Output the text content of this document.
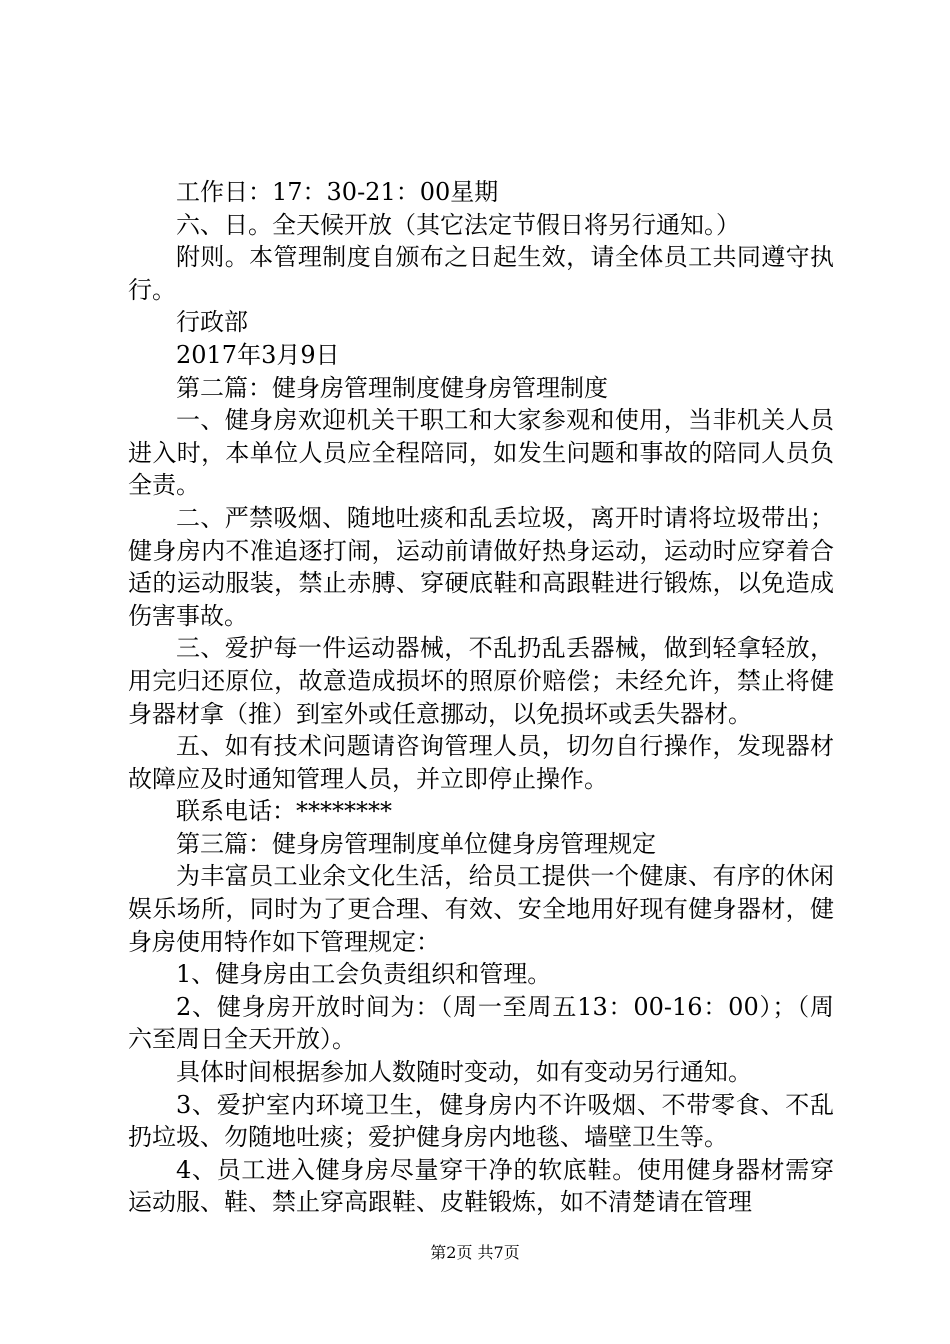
工作日：17：30-21：00星期

六、日。全天候开放（其它法定节假日将另行通知。）

附则。本管理制度自颁布之日起生效，请全体员工共同遵守执行。

行政部

2017年3月9日

第二篇：健身房管理制度健身房管理制度

一、健身房欢迎机关干职工和大家参观和使用，当非机关人员进入时，本单位人员应全程陪同，如发生问题和事故的陪同人员负全责。

二、严禁吸烟、随地吐痰和乱丢垃圾，离开时请将垃圾带出；健身房内不准追逐打闹，运动前请做好热身运动，运动时应穿着合适的运动服装，禁止赤膊、穿硬底鞋和高跟鞋进行锻炼，以免造成伤害事故。

三、爱护每一件运动器械，不乱扔乱丢器械，做到轻拿轻放，用完归还原位，故意造成损坏的照原价赔偿；未经允许，禁止将健身器材拿（推）到室外或任意挪动，以免损坏或丢失器材。

五、如有技术问题请咨询管理人员，切勿自行操作，发现器材故障应及时通知管理人员，并立即停止操作。

联系电话：********

第三篇：健身房管理制度单位健身房管理规定

为丰富员工业余文化生活，给员工提供一个健康、有序的休闲娱乐场所，同时为了更合理、有效、安全地用好现有健身器材，健身房使用特作如下管理规定：

1、健身房由工会负责组织和管理。

2、健身房开放时间为：（周一至周五13：00-16：00）；（周六至周日全天开放）。

具体时间根据参加人数随时变动，如有变动另行通知。

3、爱护室内环境卫生，健身房内不许吸烟、不带零食、不乱扔垃圾、勿随地吐痰；爱护健身房内地毯、墙壁卫生等。

4、员工进入健身房尽量穿干净的软底鞋。使用健身器材需穿运动服、鞋、禁止穿高跟鞋、皮鞋锻炼，如不清楚请在管理

第2页 共7页
